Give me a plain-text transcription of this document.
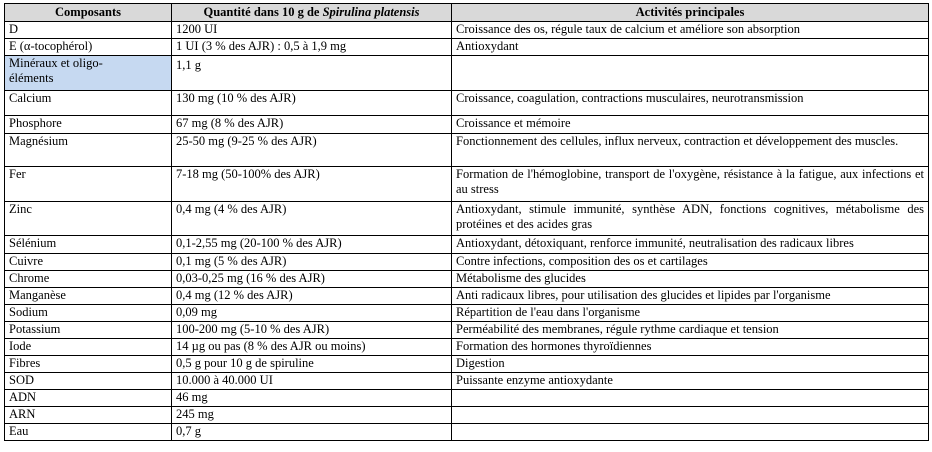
Composants	Quantité dans 10 g de Spirulina platensis	Activités principales
D	1200 UI	Croissance des os, régule taux de calcium et améliore son absorption
E (α-tocophérol)	1 UI (3 % des AJR) : 0,5 à 1,9 mg	Antioxydant
Minéraux et oligo-éléments	1,1 g	
Calcium	130 mg (10 % des AJR)	Croissance, coagulation, contractions musculaires, neurotransmission
Phosphore	67 mg (8 % des AJR)	Croissance et mémoire
Magnésium	25-50 mg (9-25 % des AJR)	Fonctionnement des cellules, influx nerveux, contraction et développement des muscles.
Fer	7-18 mg (50-100% des AJR)	Formation de l'hémoglobine, transport de l'oxygène, résistance à la fatigue, aux infections et au stress
Zinc	0,4 mg (4 % des AJR)	Antioxydant, stimule immunité, synthèse ADN, fonctions cognitives, métabolisme des protéines et des acides gras
Sélénium	0,1-2,55 mg (20-100 % des AJR)	Antioxydant, détoxiquant, renforce immunité, neutralisation des radicaux libres
Cuivre	0,1 mg (5 % des AJR)	Contre infections, composition des os et cartilages
Chrome	0,03-0,25 mg (16 % des AJR)	Métabolisme des glucides
Manganèse	0,4 mg (12 % des AJR)	Anti radicaux libres, pour utilisation des glucides et lipides par l'organisme
Sodium	0,09 mg	Répartition de l'eau dans l'organisme
Potassium	100-200 mg (5-10 % des AJR)	Perméabilité des membranes, régule rythme cardiaque et tension
Iode	14 µg ou pas (8 % des AJR ou moins)	Formation des hormones thyroïdiennes
Fibres	0,5 g pour 10 g de spiruline	Digestion
SOD	10.000 à 40.000 UI	Puissante enzyme antioxydante
ADN	46 mg	
ARN	245 mg	
Eau	0,7 g	
